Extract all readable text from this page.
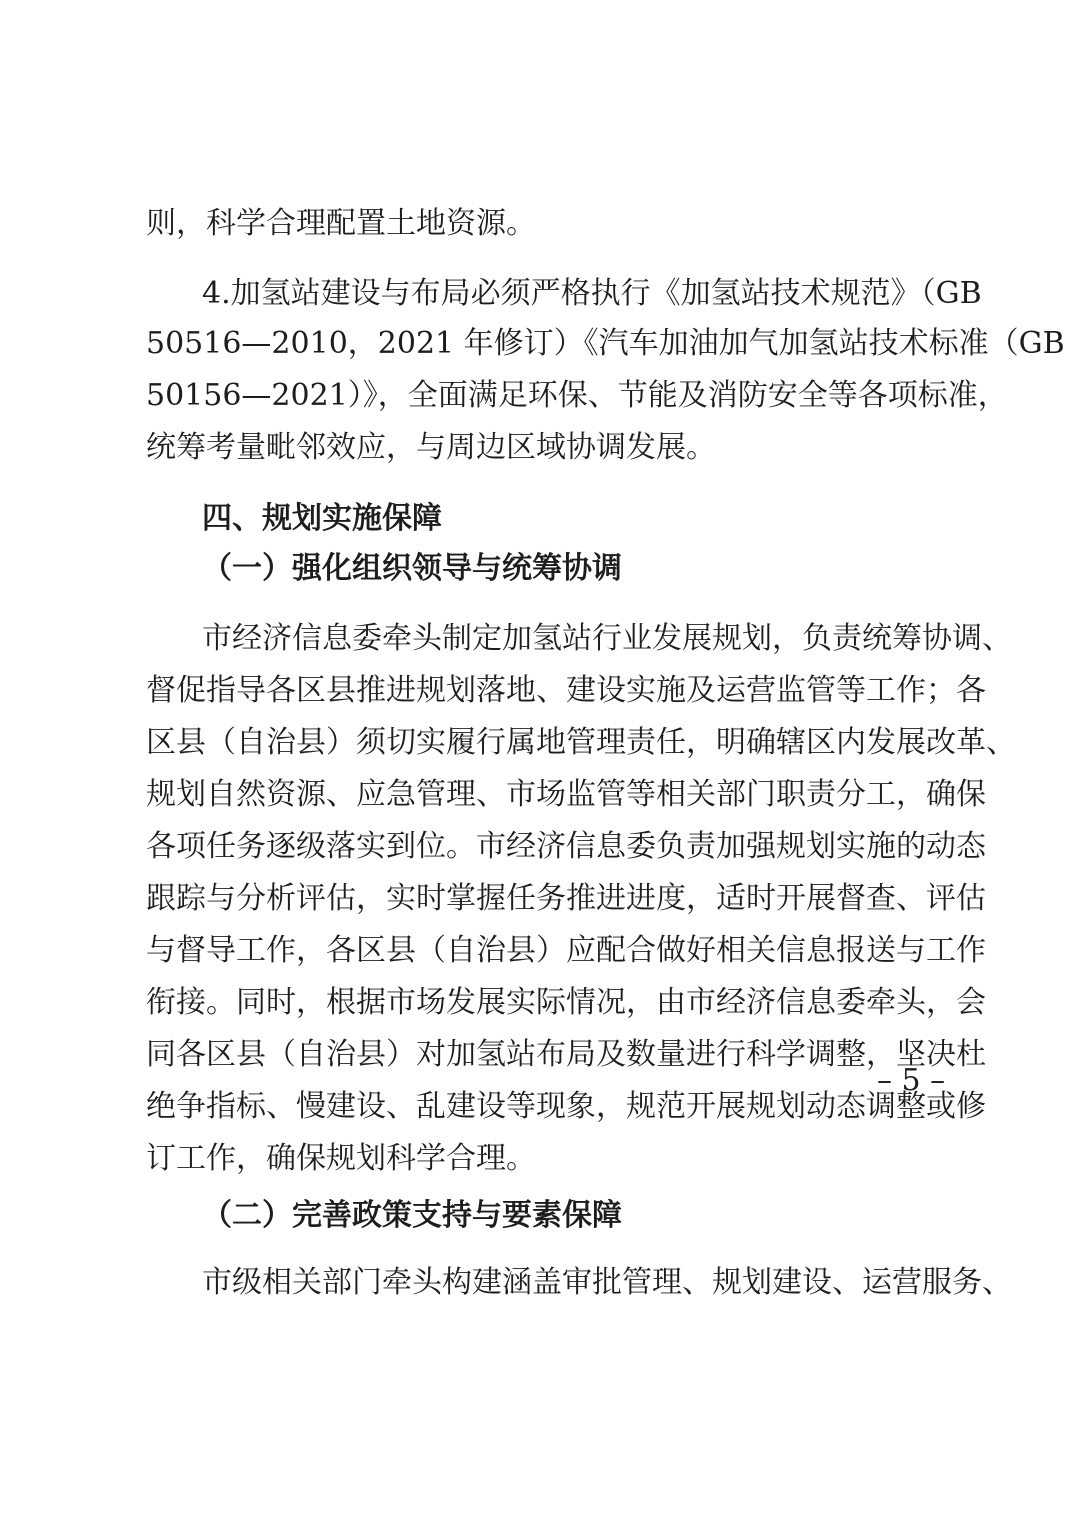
则，科学合理配置土地资源。
4.加氢站建设与布局必须严格执行《加氢站技术规范》（GB
50516—2010，2021 年修订）《汽车加油加气加氢站技术标准（GB
50156—2021）》，全面满足环保、节能及消防安全等各项标准，
统筹考量毗邻效应，与周边区域协调发展。
四、规划实施保障
（一）强化组织领导与统筹协调
市经济信息委牵头制定加氢站行业发展规划，负责统筹协调、
督促指导各区县推进规划落地、建设实施及运营监管等工作；各
区县（自治县）须切实履行属地管理责任，明确辖区内发展改革、
规划自然资源、应急管理、市场监管等相关部门职责分工，确保
各项任务逐级落实到位。市经济信息委负责加强规划实施的动态
跟踪与分析评估，实时掌握任务推进进度，适时开展督查、评估
与督导工作，各区县（自治县）应配合做好相关信息报送与工作
衔接。同时，根据市场发展实际情况，由市经济信息委牵头，会
同各区县（自治县）对加氢站布局及数量进行科学调整，坚决杜
绝争指标、慢建设、乱建设等现象，规范开展规划动态调整或修
订工作，确保规划科学合理。
（二）完善政策支持与要素保障
市级相关部门牵头构建涵盖审批管理、规划建设、运营服务、
– 5 –
